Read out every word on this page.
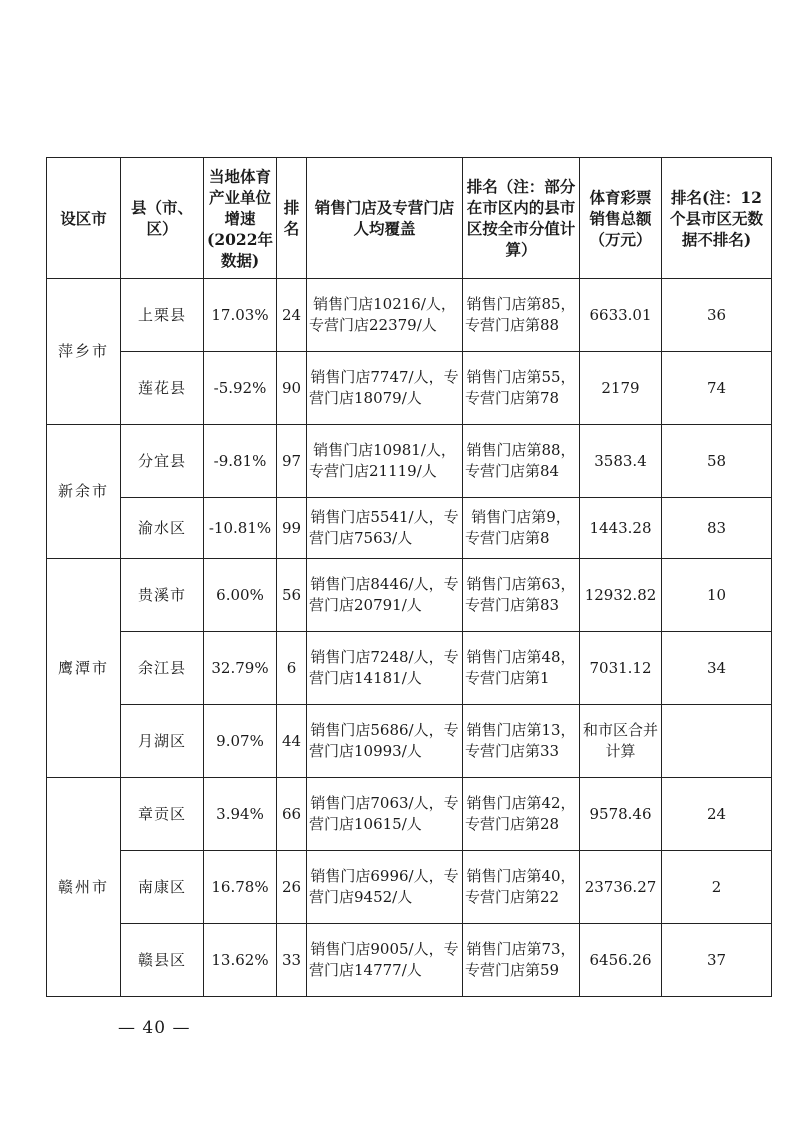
设区市	县（市、区）	当地体育产业单位增速(2022年数据)	排名	销售门店及专营门店人均覆盖	排名（注：部分在市区内的县市区按全市分值计算）	体育彩票销售总额（万元）	排名(注：12个县市区无数据不排名)
萍乡市	上栗县	17.03%	24	销售门店10216/人，专营门店22379/人	销售门店第85，专营门店第88	6633.01	36
	莲花县	-5.92%	90	销售门店7747/人，专营门店18079/人	销售门店第55，专营门店第78	2179	74
新余市	分宜县	-9.81%	97	销售门店10981/人，专营门店21119/人	销售门店第88，专营门店第84	3583.4	58
	渝水区	-10.81%	99	销售门店5541/人，专营门店7563/人	销售门店第9，专营门店第8	1443.28	83
鹰潭市	贵溪市	6.00%	56	销售门店8446/人，专营门店20791/人	销售门店第63，专营门店第83	12932.82	10
	余江县	32.79%	6	销售门店7248/人，专营门店14181/人	销售门店第48，专营门店第1	7031.12	34
	月湖区	9.07%	44	销售门店5686/人，专营门店10993/人	销售门店第13，专营门店第33	和市区合并计算	
赣州市	章贡区	3.94%	66	销售门店7063/人，专营门店10615/人	销售门店第42，专营门店第28	9578.46	24
	南康区	16.78%	26	销售门店6996/人，专营门店9452/人	销售门店第40，专营门店第22	23736.27	2
	赣县区	13.62%	33	销售门店9005/人，专营门店14777/人	销售门店第73，专营门店第59	6456.26	37
— 40 —
